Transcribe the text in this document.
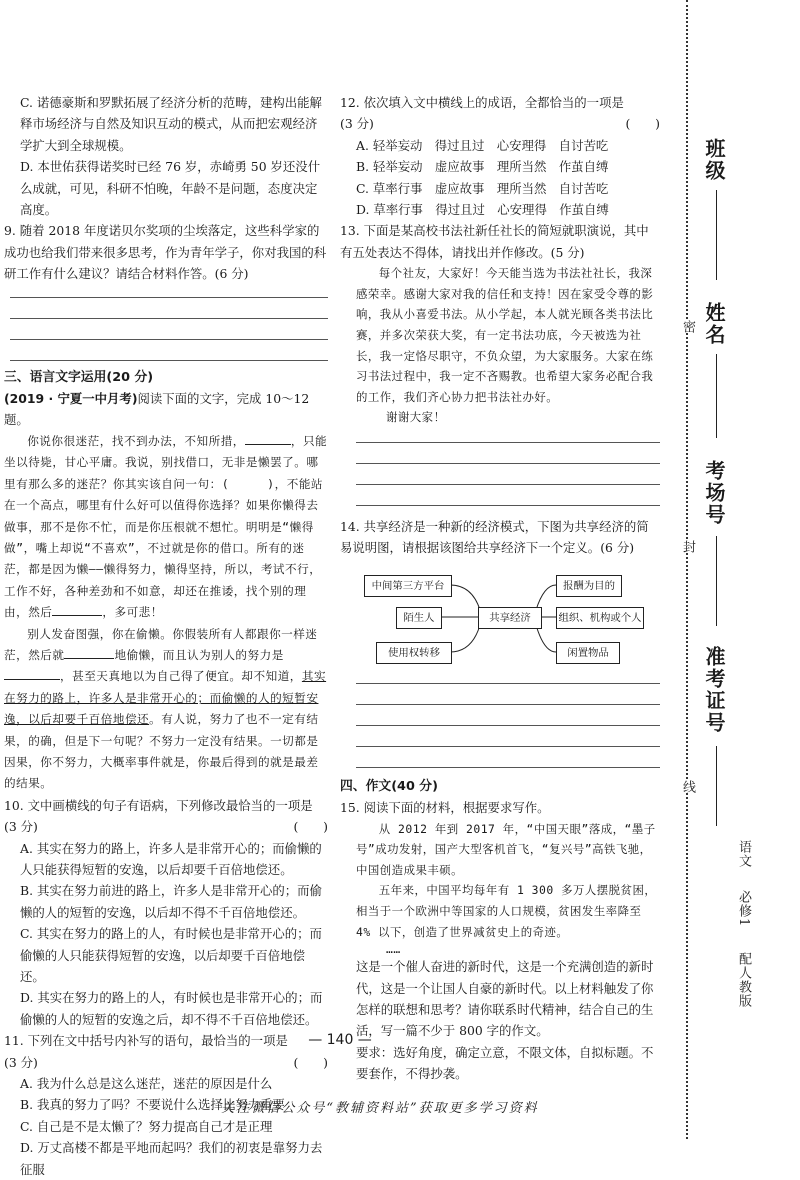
C. 诺德豪斯和罗默拓展了经济分析的范畴，建构出能解释市场经济与自然及知识互动的模式，从而把宏观经济学扩大到全球规模。

D. 本世佑获得诺奖时已经 76 岁，赤崎勇 50 岁还没什么成就，可见，科研不怕晚，年龄不是问题，态度决定高度。

9. 随着 2018 年度诺贝尔奖项的尘埃落定，这些科学家的成功也给我们带来很多思考，作为青年学子，你对我国的科研工作有什么建议？请结合材料作答。(6 分)

三、语言文字运用(20 分)

(2019 · 宁夏一中月考)阅读下面的文字，完成 10～12 题。

你说你很迷茫，找不到办法，不知所措，	，只能坐以待毙，甘心平庸。我说，别找借口，无非是懒罢了。哪里有那么多的迷茫？你其实该自问一句：(	)，不能站在一个高点，哪里有什么好可以值得你选择？如果你懒得去做事，那不是你不忙，而是你压根就不想忙。明明是“懒得做”，嘴上却说“不喜欢”，不过就是你的借口。所有的迷茫，都是因为懒——懒得努力，懒得坚持，所以，考试不行，工作不好，各种差劲和不如意，却还在推诿，找个别的理由，然后	，多可悲！

别人发奋图强，你在偷懒。你假装所有人都跟你一样迷茫，然后就	地偷懒，而且认为别人的努力是，甚至天真地以为自己得了便宜。却不知道，其实在努力的路上，许多人是非常开心的；而偷懒的人的短暂安逸，以后却要千百倍地偿还。有人说，努力了也不一定有结果，的确，但是下一句呢？不努力一定没有结果。一切都是因果，你不努力，大概率事件就是，你最后得到的就是最差的结果。

10. 文中画横线的句子有语病，下列修改最恰当的一项是

(3 分)	(　　)

A. 其实在努力的路上，许多人是非常开心的；而偷懒的人只能获得短暂的安逸，以后却要千百倍地偿还。

B. 其实在努力前进的路上，许多人是非常开心的；而偷懒的人的短暂的安逸，以后却不得不千百倍地偿还。

C. 其实在努力的路上的人，有时候也是非常开心的；而偷懒的人只能获得短暂的安逸，以后却要千百倍地偿还。

D. 其实在努力的路上的人，有时候也是非常开心的；而偷懒的人的短暂的安逸之后，却不得不千百倍地偿还。

11. 下列在文中括号内补写的语句，最恰当的一项是

(3 分)	(　　)

A. 我为什么总是这么迷茫，迷茫的原因是什么

B. 我真的努力了吗？不要说什么选择比努力重要

C. 自己是不是太懒了？努力提高自己才是正理

D. 万丈高楼不都是平地而起吗？我们的初衷是靠努力去征服

12. 依次填入文中横线上的成语，全都恰当的一项是

(3 分)	(　　)

A. 轻举妄动　得过且过　心安理得　自讨苦吃

B. 轻举妄动　虚应故事　理所当然　作茧自缚

C. 草率行事　虚应故事　理所当然　自讨苦吃

D. 草率行事　得过且过　心安理得　作茧自缚

13. 下面是某高校书法社新任社长的简短就职演说，其中有五处表达不得体，请找出并作修改。(5 分)

每个社友，大家好！今天能当选为书法社社长，我深感荣幸。感谢大家对我的信任和支持！因在家受令尊的影响，我从小喜爱书法。从小学起，本人就光顾各类书法比赛，并多次荣获大奖，有一定书法功底，今天被选为社长，我一定恪尽职守，不负众望，为大家服务。大家在练习书法过程中，我一定不吝赐教。也希望大家务必配合我的工作，我们齐心协力把书法社办好。

谢谢大家！

14. 共享经济是一种新的经济模式，下图为共享经济的简易说明图，请根据该图给共享经济下一个定义。(6 分)

中间第三方平台
陌生人
使用权转移
共享经济
报酬为目的
组织、机构或个人
闲置物品

四、作文(40 分)

15. 阅读下面的材料，根据要求写作。

从 2012 年到 2017 年，“中国天眼”落成，“墨子号”成功发射，国产大型客机首飞，“复兴号”高铁飞驰，中国创造成果丰硕。

五年来，中国平均每年有 1 300 多万人摆脱贫困，相当于一个欧洲中等国家的人口规模，贫困发生率降至 4% 以下，创造了世界减贫史上的奇迹。

……

这是一个催人奋进的新时代，这是一个充满创造的新时代，这是一个让国人自豪的新时代。以上材料触发了你怎样的联想和思考？请你联系时代精神，结合自己的生活，写一篇不少于 800 字的作文。

要求：选好角度，确定立意，不限文体，自拟标题。不要套作，不得抄袭。

— 140 —
关注微信公众号“教辅资料站”获取更多学习资料
密
封
线
班级
姓名
考场号
准考证号
语文
必修1
配人教版
